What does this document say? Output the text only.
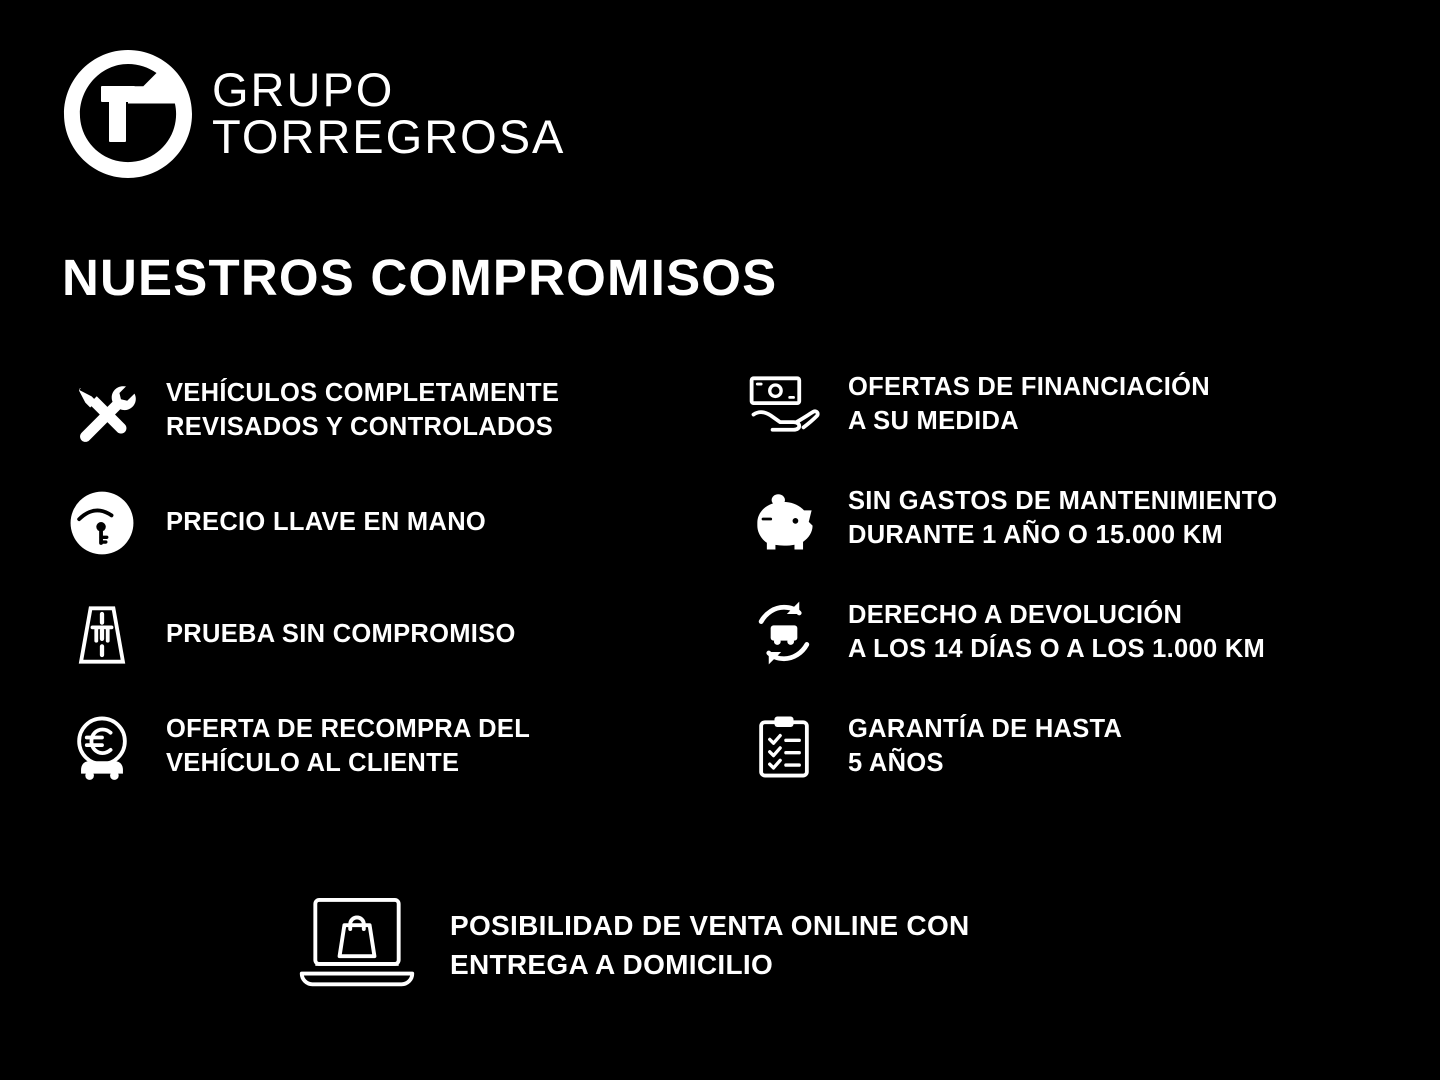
GRUPO
TORREGROSA
NUESTROS COMPROMISOS
VEHÍCULOS COMPLETAMENTE
REVISADOS Y CONTROLADOS
PRECIO LLAVE EN MANO
PRUEBA SIN COMPROMISO
OFERTA DE RECOMPRA DEL
VEHÍCULO AL CLIENTE
OFERTAS DE FINANCIACIÓN
A SU MEDIDA
SIN GASTOS DE MANTENIMIENTO
DURANTE 1 AÑO O 15.000 KM
DERECHO A DEVOLUCIÓN
A LOS 14 DÍAS O A LOS 1.000 KM
GARANTÍA DE HASTA
5 AÑOS
POSIBILIDAD DE VENTA ONLINE CON
ENTREGA A DOMICILIO
